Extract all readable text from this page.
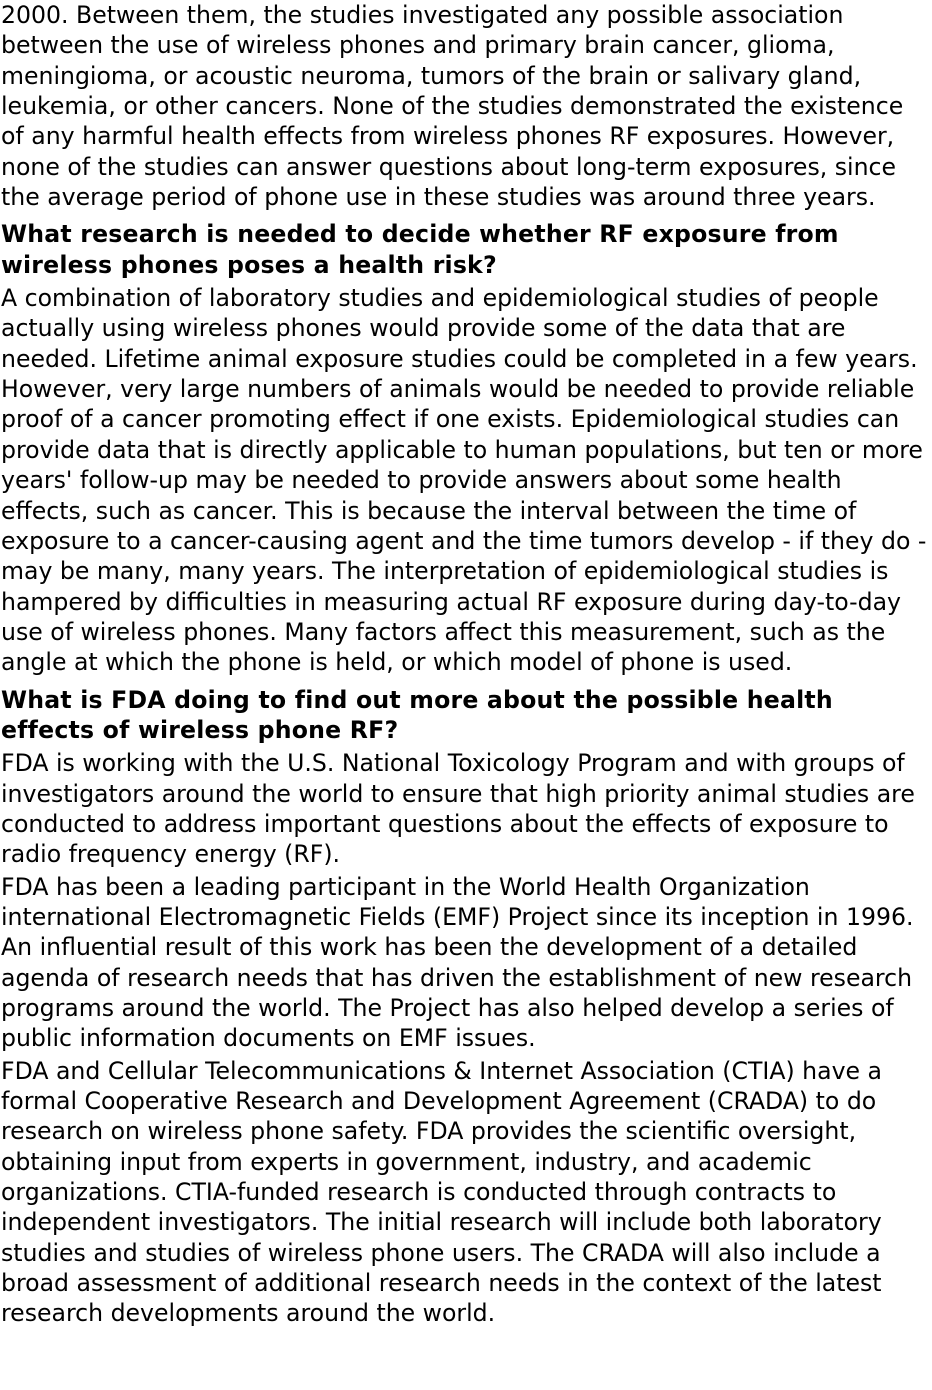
2000. Between them, the studies investigated any possible association between the use of wireless phones and primary brain cancer, glioma, meningioma, or acoustic neuroma, tumors of the brain or salivary gland, leukemia, or other cancers. None of the studies demonstrated the existence of any harmful health effects from wireless phones RF exposures. However, none of the studies can answer questions about long-term exposures, since the average period of phone use in these studies was around three years.

What research is needed to decide whether RF exposure from wireless phones poses a health risk?

A combination of laboratory studies and epidemiological studies of people actually using wireless phones would provide some of the data that are needed. Lifetime animal exposure studies could be completed in a few years. However, very large numbers of animals would be needed to provide reliable proof of a cancer promoting effect if one exists. Epidemiological studies can provide data that is directly applicable to human populations, but ten or more years' follow-up may be needed to provide answers about some health effects, such as cancer. This is because the interval between the time of exposure to a cancer-causing agent and the time tumors develop - if they do - may be many, many years. The interpretation of epidemiological studies is hampered by difficulties in measuring actual RF exposure during day-to-day use of wireless phones. Many factors affect this measurement, such as the angle at which the phone is held, or which model of phone is used.

What is FDA doing to find out more about the possible health effects of wireless phone RF?

FDA is working with the U.S. National Toxicology Program and with groups of investigators around the world to ensure that high priority animal studies are conducted to address important questions about the effects of exposure to radio frequency energy (RF).

FDA has been a leading participant in the World Health Organization international Electromagnetic Fields (EMF) Project since its inception in 1996. An influential result of this work has been the development of a detailed agenda of research needs that has driven the establishment of new research programs around the world. The Project has also helped develop a series of public information documents on EMF issues.

FDA and Cellular Telecommunications & Internet Association (CTIA) have a formal Cooperative Research and Development Agreement (CRADA) to do research on wireless phone safety. FDA provides the scientific oversight, obtaining input from experts in government, industry, and academic organizations. CTIA-funded research is conducted through contracts to independent investigators. The initial research will include both laboratory studies and studies of wireless phone users. The CRADA will also include a broad assessment of additional research needs in the context of the latest research developments around the world.
